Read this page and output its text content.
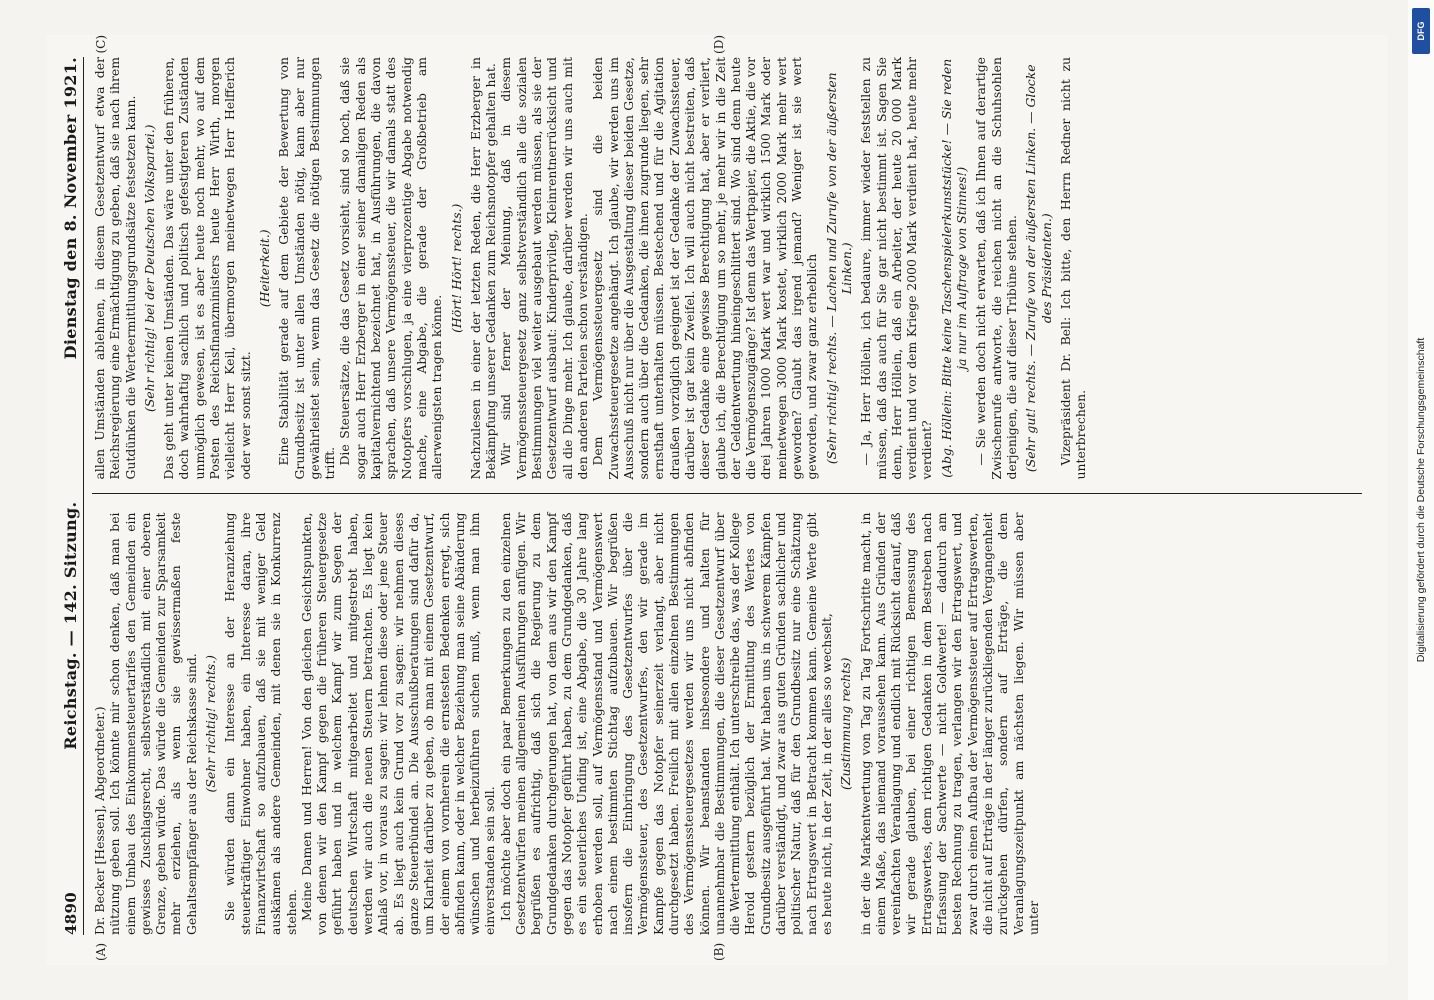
4890
Reichstag. — 142. Sitzung.
Dienstag den 8. November 1921.
(A)	(B)

Dr. Becker [Hessen], Abgeordneter.) nützung geben soll. Ich könnte mir schon denken, daß man bei einem Umbau des Einkommensteuertarifes den Gemeinden ein gewisses Zuschlagsrecht, selbstverständlich mit einer oberen Grenze, geben würde. Das würde die Gemeinden zur Sparsamkeit mehr erziehen, als wenn sie gewissermaßen feste Gehaltsempfänger aus der Reichskasse sind. (Sehr richtig! rechts.) Sie würden dann ein Interesse an der Heranziehung steuerkräftiger Einwohner haben, ein Interesse daran, ihre Finanzwirtschaft so aufzubauen, daß sie mit weniger Geld auskämen als andere Gemeinden, mit denen sie in Konkurrenz stehen. Meine Damen und Herren! Von den gleichen Gesichtspunkten, von denen wir den Kampf gegen die früheren Steuergesetze geführt haben und in welchem Kampf wir zum Segen der deutschen Wirtschaft mitgearbeitet und mitgestrebt haben, werden wir auch die neuen Steuern betrachten. Es liegt kein Anlaß vor, in voraus zu sagen: wir lehnen diese oder jene Steuer ab. Es liegt auch kein Grund vor zu sagen: wir nehmen dieses ganze Steuerbündel an. Die Ausschußberatungen sind dafür da, um Klarheit darüber zu geben, ob man mit einem Gesetzentwurf, der einem von vornherein die ernstesten Bedenken erregt, sich abfinden kann, oder in welcher Beziehung man seine Abänderung wünschen und herbeizuführen suchen muß, wenn man ihm einverstanden sein soll. Ich möchte aber doch ein paar Bemerkungen zu den einzelnen Gesetzentwürfen meinen allgemeinen Ausführungen anfügen. Wir begrüßen es aufrichtig, daß sich die Regierung zu dem Grundgedanken durchgerungen hat, von dem aus wir den Kampf gegen das Notopfer geführt haben, zu dem Grundgedanken, daß es ein steuerliches Unding ist, eine Abgabe, die 30 Jahre lang erhoben werden soll, auf Vermögensstand und Vermögenswert nach einem bestimmten Stichtag aufzubauen. Wir begrüßen insofern die Einbringung des Gesetzentwurfes über die Vermögenssteuer, des Gesetzentwurfes, den wir gerade im Kampfe gegen das Notopfer seinerzeit verlangt, aber nicht durchgesetzt haben. Freilich mit allen einzelnen Bestimmungen des Vermögenssteuergesetzes werden wir uns nicht abfinden können. Wir beanstanden insbesondere und halten für unannehmbar die Bestimmungen, die dieser Gesetzentwurf über die Wertermittlung enthält. Ich unterschreibe das, was der Kollege Herold gestern bezüglich der Ermittlung des Wertes von Grundbesitz ausgeführt hat. Wir haben uns in schwerem Kämpfen darüber verständigt, und zwar aus guten Gründen sachlicher und politischer Natur, daß für den Grundbesitz nur eine Schätzung nach Ertragswert in Betracht kommen kann. Gemeine Werte gibt es heute nicht, in der Zeit, in der alles so wechselt, (Zustimmung rechts) in der die Markentwertung von Tag zu Tag Fortschritte macht, in einem Maße, das niemand voraussehen kann. Aus Gründen der vereinfachten Veranlagung und endlich mit Rücksicht darauf, daß wir gerade glauben, bei einer richtigen Bemessung des Ertragswertes, dem richtigen Gedanken in dem Bestreben nach Erfassung der Sachwerte — nicht Goldwerte! — dadurch am besten Rechnung zu tragen, verlangen wir den Ertragswert, und zwar durch einen Aufbau der Vermögenssteuer auf Ertragswerten, die nicht auf Erträge in der länger zurückliegenden Vergangenheit zurückgehen dürfen, sondern auf Erträge, die dem Veranlagungszeitpunkt am nächsten liegen. Wir müssen aber unter

(C)	(D)

allen Umständen ablehnen, in diesem Gesetzentwurf etwa der Reichsregierung eine Ermächtigung zu geben, daß sie nach ihrem Gutdünken die Werteermittlungsgrundsätze festsetzen kann. (Sehr richtig! bei der Deutschen Volkspartei.) Das geht unter keinen Umständen. Das wäre unter den früheren, doch wahrhaftig sachlich und politisch gefestigteren Zuständen unmöglich gewesen, ist es aber heute noch mehr, wo auf dem Posten des Reichsfinanzministers heute Herr Wirth, morgen vielleicht Herr Keil, übermorgen meinetwegen Herr Helfferich oder wer sonst sitzt.

(Heiterkeit.) Eine Stabilität gerade auf dem Gebiete der Bewertung von Grundbesitz ist unter allen Umständen nötig, kann aber nur gewährleistet sein, wenn das Gesetz die nötigen Bestimmungen trifft. Die Steuersätze, die das Gesetz vorsieht, sind so hoch, daß sie sogar auch Herr Erzberger in einer seiner damaligen Reden als kapitalvernichtend bezeichnet hat, in Ausführungen, die davon sprachen, daß unsere Vermögenssteuer, die wir damals statt des Notopfers vorschlugen, ja eine vierprozentige Abgabe notwendig mache, eine Abgabe, die gerade der Großbetrieb am allerwenigsten tragen könne.

(Hört! Hört! rechts.) Nachzulesen in einer der letzten Reden, die Herr Erzberger in Bekämpfung unserer Gedanken zum Reichsnotopfer gehalten hat. Wir sind ferner der Meinung, daß in diesem Vermögenssteuergesetz ganz selbstverständlich alle die sozialen Bestimmungen viel weiter ausgebaut werden müssen, als sie der Gesetzentwurf ausbaut: Kinderprivileg, Kleinrentnerrücksicht und all die Dinge mehr. Ich glaube, darüber werden wir uns auch mit den anderen Parteien schon verständigen. Dem Vermögenssteuergesetz sind die beiden Zuwachssteuergesetze angehängt. Ich glaube, wir werden uns im Ausschuß nicht nur über die Ausgestaltung dieser beiden Gesetze, sondern auch über die Gedanken, die ihnen zugrunde liegen, sehr ernsthaft unterhalten müssen. Bestechend und für die Agitation draußen vorzüglich geeignet ist der Gedanke der Zuwachssteuer, darüber ist gar kein Zweifel. Ich will auch nicht bestreiten, daß dieser Gedanke eine gewisse Berechtigung hat, aber er verliert, glaube ich, die Berechtigung um so mehr, je mehr wir in die Zeit der Geldentwertung hineingeschlittert sind. Wo sind denn heute die Vermögenszugänge? Ist denn das Wertpapier, die Aktie, die vor drei Jahren 1000 Mark wert war und wirklich 1500 Mark oder meinetwegen 3000 Mark kostet, wirklich 2000 Mark mehr wert geworden? Glaubt das irgend jemand? Weniger ist sie wert geworden, und zwar ganz erheblich (Sehr richtig! rechts. — Lachen und Zurufe von der äußersten Linken.) — Ja, Herr Höllein, ich bedaure, immer wieder feststellen zu müssen, daß das auch für Sie gar nicht bestimmt ist. Sagen Sie denn, Herr Höllein, daß ein Arbeiter, der heute 20 000 Mark verdient und vor dem Kriege 2000 Mark verdient hat, heute mehr verdient? (Abg. Höllein: Bitte keine Taschenspielerkunststücke! — Sie reden ja nur im Auftrage von Stinnes!) — Sie werden doch nicht erwarten, daß ich Ihnen auf derartige Zwischenrufe antworte, die reichen nicht an die Schuhsohlen derjenigen, die auf dieser Tribüne stehen. (Sehr gut! rechts. — Zurufe von der äußersten Linken. — Glocke des Präsidenten.) Vizepräsident Dr. Bell: Ich bitte, den Herrn Redner nicht zu unterbrechen.

DFG
Digitalisierung gefördert durch die Deutsche Forschungsgemeinschaft
